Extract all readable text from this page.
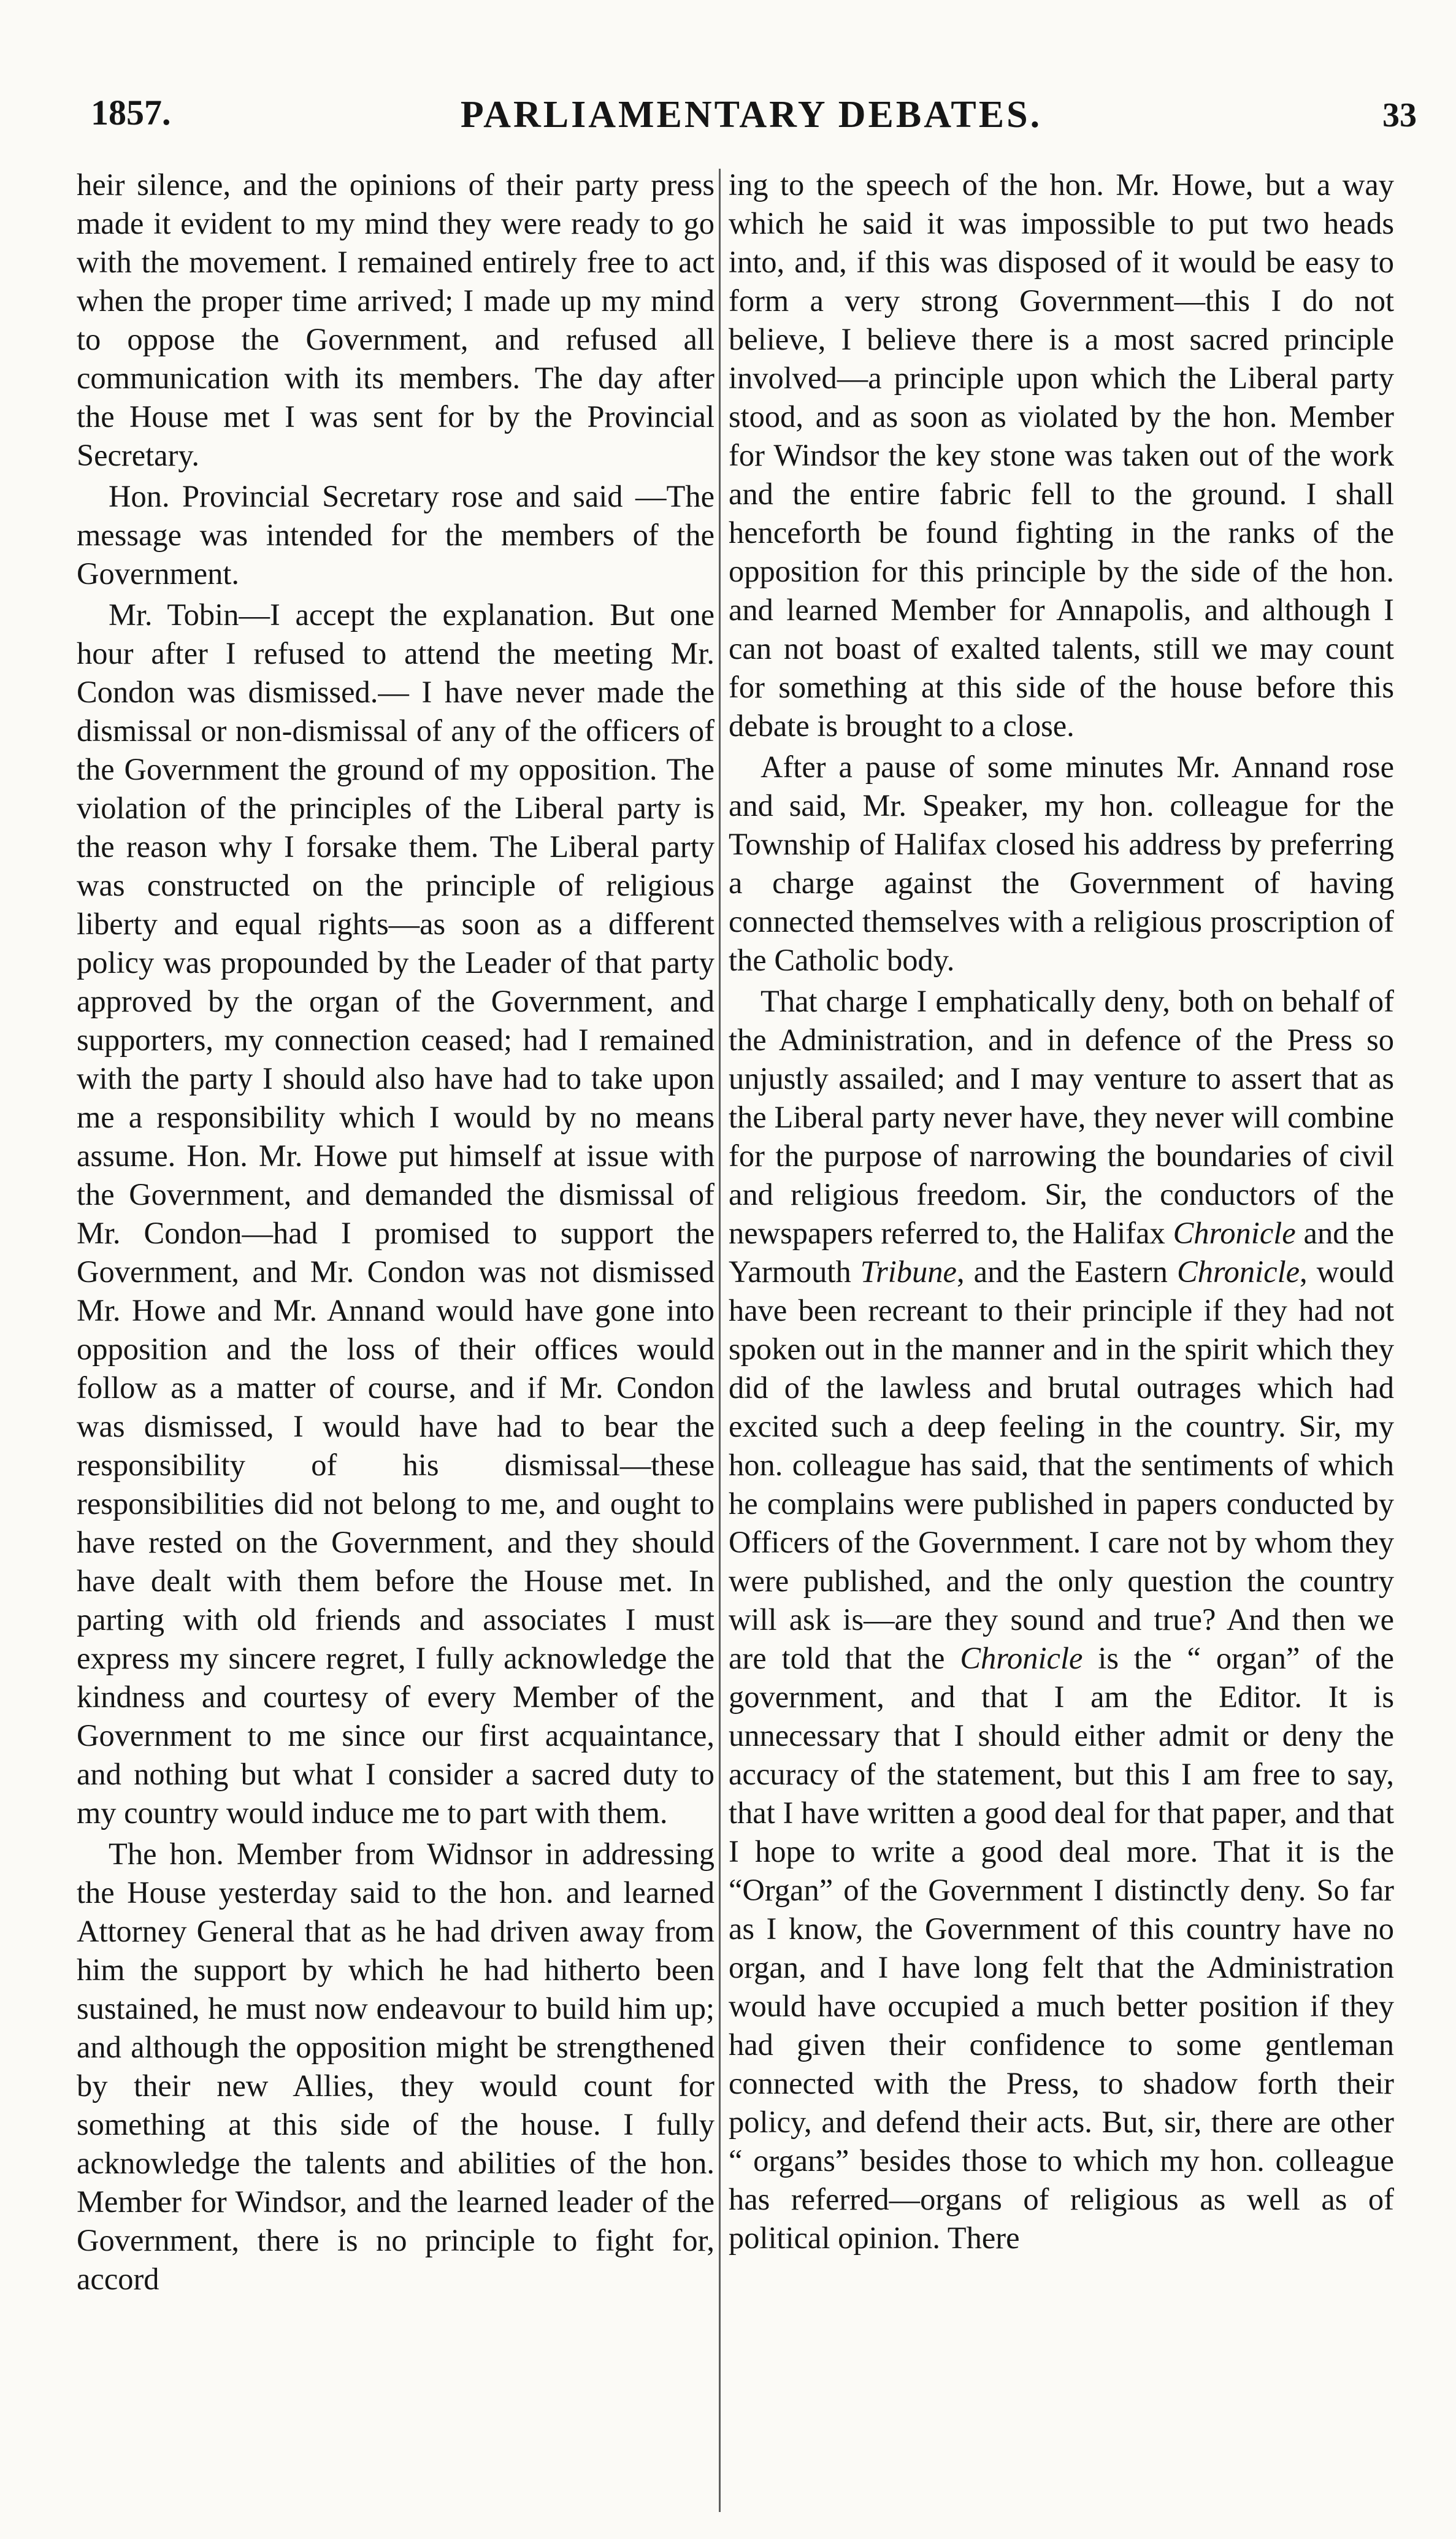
1857.	PARLIAMENTARY DEBATES.	33

heir silence, and the opinions of their party press made it evident to my mind they were ready to go with the movement. I remained entirely free to act when the proper time arrived; I made up my mind to oppose the Government, and refused all communication with its members. The day after the House met I was sent for by the Provincial Secretary.

Hon. Provincial Secretary rose and said —The message was intended for the members of the Government.

Mr. Tobin—I accept the explanation. But one hour after I refused to attend the meeting Mr. Condon was dismissed.— I have never made the dismissal or non-dismissal of any of the officers of the Government the ground of my opposition. The violation of the principles of the Liberal party is the reason why I forsake them. The Liberal party was constructed on the principle of religious liberty and equal rights—as soon as a different policy was propounded by the Leader of that party approved by the organ of the Government, and supporters, my connection ceased; had I remained with the party I should also have had to take upon me a responsibility which I would by no means assume. Hon. Mr. Howe put himself at issue with the Government, and demanded the dismissal of Mr. Condon—had I promised to support the Government, and Mr. Condon was not dismissed Mr. Howe and Mr. Annand would have gone into opposition and the loss of their offices would follow as a matter of course, and if Mr. Condon was dismissed, I would have had to bear the responsibility of his dismissal—these responsibilities did not belong to me, and ought to have rested on the Government, and they should have dealt with them before the House met. In parting with old friends and associates I must express my sincere regret, I fully acknowledge the kindness and courtesy of every Member of the Government to me since our first acquaintance, and nothing but what I consider a sacred duty to my country would induce me to part with them.

The hon. Member from Widnsor in addressing the House yesterday said to the hon. and learned Attorney General that as he had driven away from him the support by which he had hitherto been sustained, he must now endeavour to build him up; and although the opposition might be strengthened by their new Allies, they would count for something at this side of the house. I fully acknowledge the talents and abilities of the hon. Member for Windsor, and the learned leader of the Government, there is no principle to fight for, accord

ing to the speech of the hon. Mr. Howe, but a way which he said it was impossible to put two heads into, and, if this was disposed of it would be easy to form a very strong Government—this I do not believe, I believe there is a most sacred principle involved—a principle upon which the Liberal party stood, and as soon as violated by the hon. Member for Windsor the key stone was taken out of the work and the entire fabric fell to the ground. I shall henceforth be found fighting in the ranks of the opposition for this principle by the side of the hon. and learned Member for Annapolis, and although I can not boast of exalted talents, still we may count for something at this side of the house before this debate is brought to a close.

After a pause of some minutes Mr. Annand rose and said, Mr. Speaker, my hon. colleague for the Township of Halifax closed his address by preferring a charge against the Government of having connected themselves with a religious proscription of the Catholic body.

That charge I emphatically deny, both on behalf of the Administration, and in defence of the Press so unjustly assailed; and I may venture to assert that as the Liberal party never have, they never will combine for the purpose of narrowing the boundaries of civil and religious freedom. Sir, the conductors of the newspapers referred to, the Halifax Chronicle and the Yarmouth Tribune, and the Eastern Chronicle, would have been recreant to their principle if they had not spoken out in the manner and in the spirit which they did of the lawless and brutal outrages which had excited such a deep feeling in the country. Sir, my hon. colleague has said, that the sentiments of which he complains were published in papers conducted by Officers of the Government. I care not by whom they were published, and the only question the country will ask is—are they sound and true? And then we are told that the Chronicle is the “ organ” of the government, and that I am the Editor. It is unnecessary that I should either admit or deny the accuracy of the statement, but this I am free to say, that I have written a good deal for that paper, and that I hope to write a good deal more. That it is the “Organ” of the Government I distinctly deny. So far as I know, the Government of this country have no organ, and I have long felt that the Administration would have occupied a much better position if they had given their confidence to some gentleman connected with the Press, to shadow forth their policy, and defend their acts. But, sir, there are other “ organs” besides those to which my hon. colleague has referred—organs of religious as well as of political opinion. There
